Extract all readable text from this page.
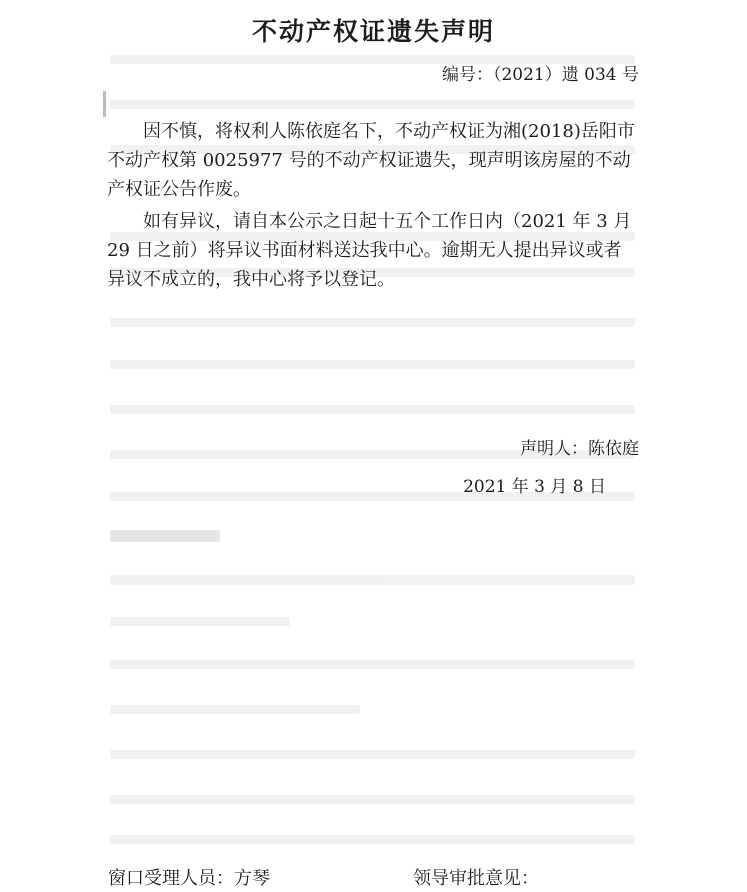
不动产权证遗失声明
编号：（2021）遗 034 号

因不慎，将权利人陈依庭名下，不动产权证为湘(2018)岳阳市不动产权第 0025977 号的不动产权证遗失，现声明该房屋的不动产权证公告作废。

如有异议，请自本公示之日起十五个工作日内（2021 年 3 月 29 日之前）将异议书面材料送达我中心。逾期无人提出异议或者异议不成立的，我中心将予以登记。

声明人：陈依庭
2021 年 3 月 8 日
窗口受理人员：方琴	领导审批意见：
